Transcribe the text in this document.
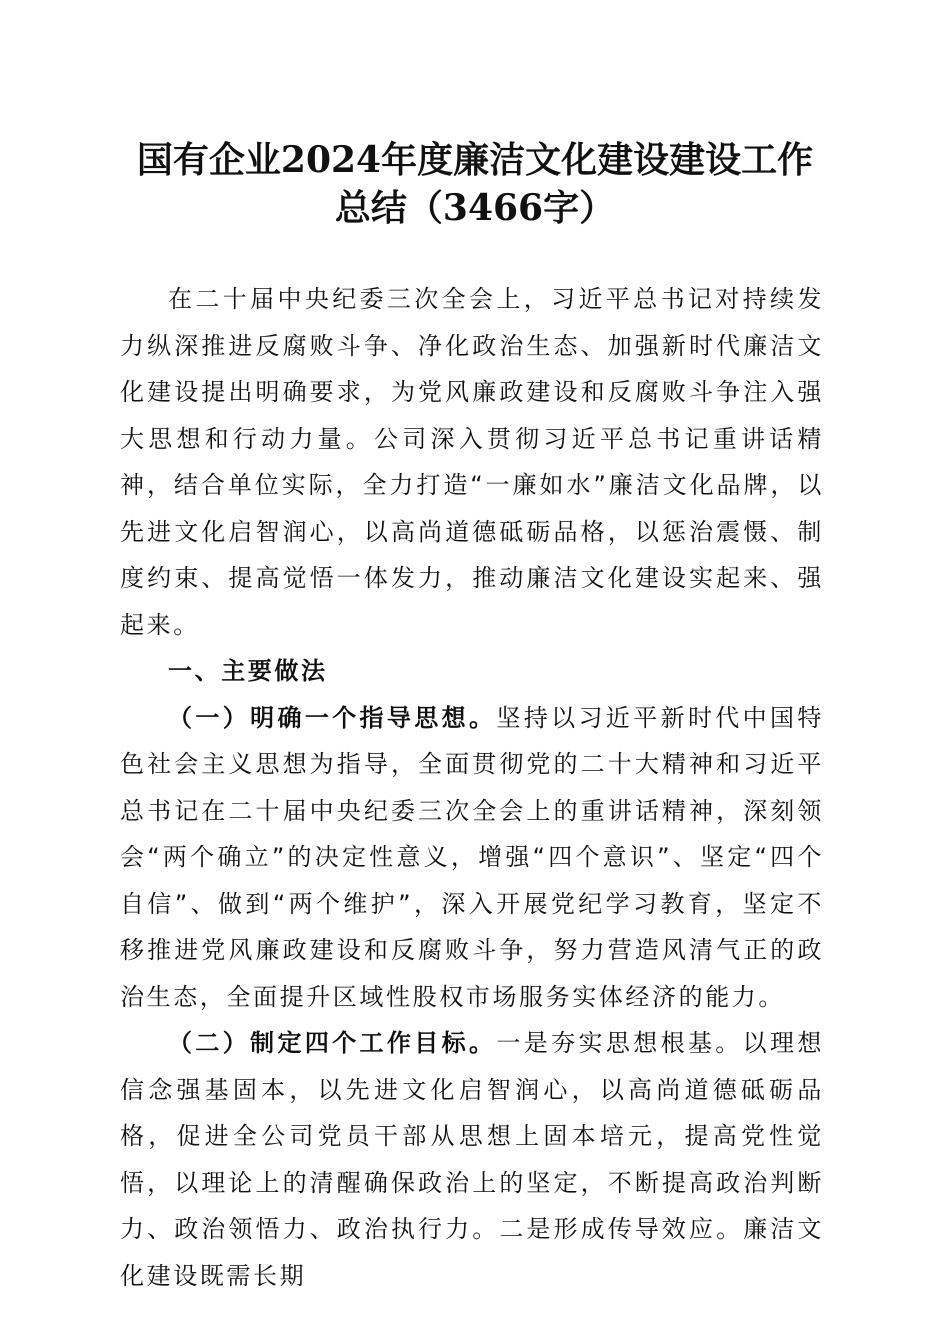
国有企业2024年度廉洁文化建设建设工作总结（3466字）

在二十届中央纪委三次全会上，习近平总书记对持续发力纵深推进反腐败斗争、净化政治生态、加强新时代廉洁文化建设提出明确要求，为党风廉政建设和反腐败斗争注入强大思想和行动力量。公司深入贯彻习近平总书记重讲话精神，结合单位实际，全力打造“一廉如水”廉洁文化品牌，以先进文化启智润心，以高尚道德砥砺品格，以惩治震慑、制度约束、提高觉悟一体发力，推动廉洁文化建设实起来、强起来。

一、主要做法

（一）明确一个指导思想。坚持以习近平新时代中国特色社会主义思想为指导，全面贯彻党的二十大精神和习近平总书记在二十届中央纪委三次全会上的重讲话精神，深刻领会“两个确立”的决定性意义，增强“四个意识”、坚定“四个自信”、做到“两个维护”，深入开展党纪学习教育，坚定不移推进党风廉政建设和反腐败斗争，努力营造风清气正的政治生态，全面提升区域性股权市场服务实体经济的能力。

（二）制定四个工作目标。一是夯实思想根基。以理想信念强基固本，以先进文化启智润心，以高尚道德砥砺品格，促进全公司党员干部从思想上固本培元，提高党性觉悟，以理论上的清醒确保政治上的坚定，不断提高政治判断力、政治领悟力、政治执行力。二是形成传导效应。廉洁文化建设既需长期
